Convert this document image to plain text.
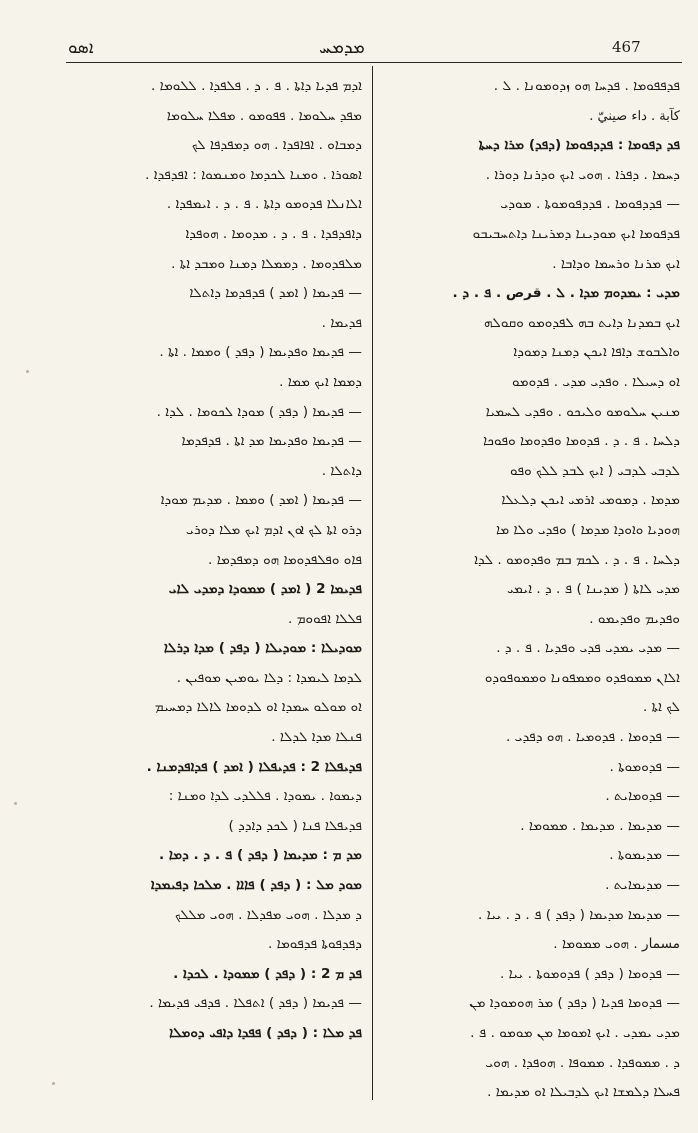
ܐܣܘ	ܡܕܡܚ	467
ܐܕܡ ܦܕܝܐ ܕܐܬܐ . ܦ . ܕ . ܦܠܦܕܐ . ܠܠܘܡܐ .
ܡܦܕ ܚܠܘܡܐ . ܦܦܘܡܘ . ܡܦܠܐ ܚܠܘܡܐ
ܕܡܒܐܘ . ܐܦܐܦܕܐ . ܗܘ ܕܡܦܕܦܐ ܠܟ
ܐܣܘܪܐ . ܘܡܢܐ ܠܟܕܡܐ ܘܡܢܡܘܐ : ܐܦܕܦܕܐ .
ܐܠܐܢܠܐ ܦܕܘܡܘ ܕܐܬܐ . ܦ . ܕ . ܐܝܡܦܕܐ .
ܕܐܦܕܦܕܐ . ܦ . ܕ . ܡܕܘܡܐ . ܗܘܦܕܐ
ܡܠܦܕܘܡܐ . ܕܡܡܠܐ ܕܡܢܐ ܘܡܒܕ ܐܬܐ .
— ܦܕܝܡܐ ( ܐܡܕ ) ܦܕܦܕܡܐ ܕܐܬܠܐ
ܦܕܝܡܐ .
— ܦܕܝܡܐ ܘܦܕܝܡܐ ( ܕܦܕ ) ܘܡܡܐ . ܐܬܐ .
ܕܡܡܐ ܐܝܟ ܡܡܐ .
— ܦܕܝܡܐ ( ܕܦܕ ) ܡܘܕܐ ܠܟܘܡܐ . ܠܕܐ .
— ܦܕܝܡܐ ܘܦܕܝܡܐ ܡܕ ܐܬܐ . ܦܕܦܕܡܐ
ܕܐܬܠܐ .
— ܦܕܝܡܐ ( ܐܡܕ ) ܘܡܡܐ . ܡܕܝܡ ܡܘܕܐ
ܕܪܘ ܐܬܐ ܠܟ ܐܘܢ ܐܕܡ ܐܝܟ ܡܠܐ ܕܘܪܝ
ܦܐܘ ܘܦܠܦܕܘܡܐ ܗܘ ܕܡܦܕܡܐ .
ܦܕܝܡܐ 2 ( ܐܡܕ ) ܡܡܘܕܐ ܕܡܕܝ ܠܐܝ
ܦܠܠܐ ܐܦܘܘܡ .
ܡܘܕܝܠܐ : ܡܘܕܝܠܐ ( ܕܦܕ ) ܡܕܐ ܕܪܠܐ
ܠܕܡܐ ܠܝܡܕܐ : ܕܠܐ ܝܘܡܝܢ ܡܘܦܝܢ .
ܐܘ ܡܘܠܘ ܚܡܕܐ ܐܘ ܠܕܘܡܐ ܠܐܠܐ ܕܡܚܝܡ
ܦܢܠܐ ܡܕܐ ܠܕܠܐ .
ܦܕܝܦܠܐ 2 : ܦܕܝܦܠܐ ( ܐܡܕ ) ܦܕܐܦܕܡܢܐ .
ܕܝܡܘܐ . ܝܡܘܕܐ . ܦܠܠܕܝ ܠܕܐ ܘܡܢܐ :
ܦܕܝܦܠܐ ܦܢܐ ( ܠܟܕ ܕܐܕܕ )
ܡܕ ܡ : ܡܕܝܡܐ ( ܕܦܕ ) ܦ . ܕ . ܕܡܐ .
ܡܘܕ ܡܠ : ( ܕܦܕ ) ܦܐܐܐ . ܡܠܟܐ ܕܦܝܡܕܐ
ܕ ܡܕܠܐ . ܗܘܝ ܡܦܕܠܐ . ܗܘܝ ܡܠܠܟ
ܕܦܕܦܘܬܐ ܦܕܦܘܡܐ .
ܦܕ ܡ 2 : ( ܕܦܕ ) ܡܡܘܕܐ . ܠܟܕܐ .
— ܦܕܝܡܐ ( ܕܦܕ ) ܐܬܦܠܐ . ܦܕܦܝ ܦܕܝܡܐ .
ܦܕ ܡܠܐ : ( ܕܦܕ ) ܦܦܕܐ ܕܐܦܝ ܕܘܡܠܐ
ܦܕܦܦܘܡܐ . ܦܕܚܐ ܗܘ ܙܕܘܡܘܢܐ . ܠ .
كآبة . داء صينيّ .
ܦܕ ܕܦܘܡܐ : ܦܕܕܦܘܡܐ (ܕܦܕ) ܡܪܐ ܕܚܬܐ
ܕܚܡܐ . ܕܦܪܐ . ܗܘܝ ܐܝܟ ܘܕܪܢܐ ܕܘܪܐ .
— ܦܕܕܦܘܡܐ . ܦܕܕܦܘܡܘܬܐ . ܡܘܕܝ
ܦܕܦܘܡܐ ܐܝܟ ܡܘܕܝܢܐ ܕܡܪܝܢܐ ܕܐܬܚܒܝܒܘ
ܐܝܟ ܡܪܢܐ ܘܪܚܡܐ ܘܕܐܒܐ .
ܡܕܝ : ܝܡܕܘܡ ܡܕܐ . ܠ . قرص . ܦ . ܕ .
ܐܝܟ ܒܡܕܢܐ ܕܐܝܬ ܒܗ ܠܦܕܘܡܘ ܘܩܘܠܗ
ܘܐܠܒܘܫ ܕܐܦܐ ܐܝܟܢ ܕܡܢܐ ܕܡܘܕܐ
ܐܘ ܕܚܝܠܐ . ܘܦܕܝ ܡܕܝ . ܦܕܘܡܘ
ܡܢܝܢ ܚܠܘܡܘ ܘܠܝܟܘ . ܘܦܕܝ ܠܚܡܝܐ
ܕܠܚܐ . ܦ . ܕ . ܦܕܘܡܐ ܘܦܕܘܡܐ ܘܦܘܟܐ
ܠܕܒܝ ܠܕܒܝ ( ܐܝܟ ܠܒܕ ܠܠܟ ܘܦܘ
ܡܕܡܐ . ܕܡܘܡܝ ܐܪܡܝ ܐܝܟܢ ܕܠܥܠܐ
ܗܘܕܝܐ ܘܐܘܕܐ ܡܕܡܐ ) ܘܦܕܝ ܘܠܐ ܡܐ
ܕܠܚܐ . ܦ . ܕ . ܠܟܡ ܒܡ ܘܦܕܘܡܘ . ܠܕܐ
ܡܕܝ ܠܐܬܐ ( ܡܕܝܢܐ ) ܦ . ܕ . ܐܝܡܝ
ܘܦܕܝܡ ܘܦܕܝܡܘ .
— ܡܕܝ ܝܡܕܝ ܦܕܝ ܘܦܕܝܐ . ܦ . ܕ .
ܐܠܐܢ ܡܡܘܦܕܘ ܘܡܡܦܘܢܐ ܘܡܡܘܦܘܕܘ
ܠܟ ܐܬܐ .
— ܦܕܘܡܐ . ܦܕܘܡܝܐ . ܗܘ ܕܦܕܝ .
— ܦܕܘܡܘܬܐ .
— ܦܕܘܡܐܝܬ .
— ܡܕܝܡܐ . ܡܕܝܡܐ . ܡܡܘܡܐ .
— ܡܕܝܡܘܬܐ .
— ܡܕܝܡܐܝܬ .
— ܡܕܝܡܐ ܡܕܝܡܐ ( ܕܦܕ ) ܦ . ܕ . ܝܝܐ .
مسمار . ܗܘܝ ܡܡܘܡܐ .
— ܦܕܘܡܐ ( ܕܦܕ ) ܦܕܘܡܘܬܐ . ܝܝܐ .
— ܦܕܘܡܐ ܦܕܝܐ ( ܕܦܕ ) ܡܪ ܗܘܡܘܕܐ ܡܢ
ܡܕܝ ܝܡܕܝ . ܐܝܟ ܐܡܘܡܐ ܡܢ ܡܘܡܘ . ܦ .
ܕ . ܡܡܘܦܕܐ . ܡܡܘܦܐ . ܗܘܦܕܐ . ܗܘܝ
ܦܚܠܐ ܕܠܡܫܐ ܐܝܟ ܠܕܒܝܠܐ ܐܘ ܡܕܝܡܐ .
